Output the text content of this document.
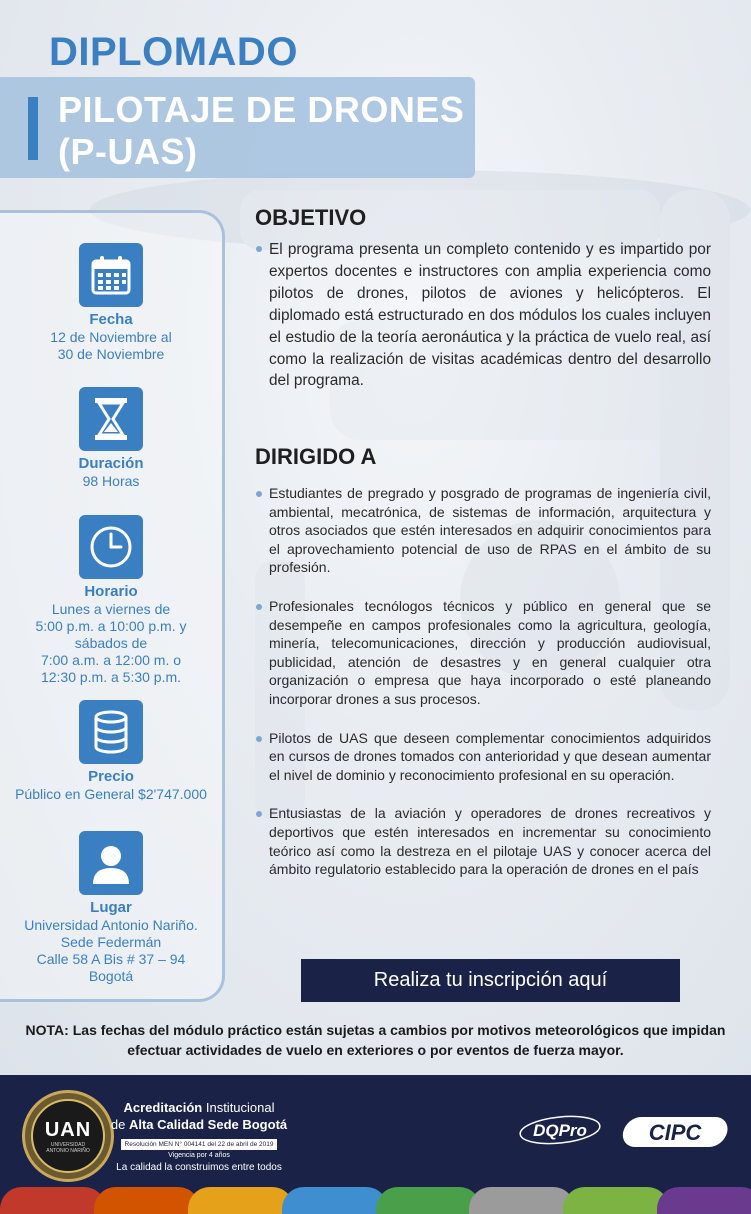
DIPLOMADO
PILOTAJE DE DRONES
(P-UAS)
Fecha
12 de Noviembre al
30 de Noviembre
Duración
98 Horas
Horario
Lunes a viernes de
5:00 p.m. a 10:00 p.m. y
sábados de
7:00 a.m. a 12:00 m. o
12:30 p.m. a 5:30 p.m.
Precio
Público en General $2'747.000
Lugar
Universidad Antonio Nariño.
Sede Federmán
Calle 58 A Bis # 37 – 94
Bogotá
OBJETIVO
El programa presenta un completo contenido y es impartido por expertos docentes e instructores con amplia experiencia como pilotos de drones, pilotos de aviones y helicópteros. El diplomado está estructurado en dos módulos los cuales incluyen el estudio de la teoría aeronáutica y la práctica de vuelo real, así como la realización de visitas académicas dentro del desarrollo del programa.
DIRIGIDO A
Estudiantes de pregrado y posgrado de programas de ingeniería civil, ambiental, mecatrónica, de sistemas de información, arquitectura y otros asociados que estén interesados en adquirir conocimientos para el aprovechamiento potencial de uso de RPAS en el ámbito de su profesión.
Profesionales tecnólogos técnicos y público en general que se desempeñe en campos profesionales como la agricultura, geología, minería, telecomunicaciones, dirección y producción audiovisual, publicidad, atención de desastres y en general cualquier otra organización o empresa que haya incorporado o esté planeando incorporar drones a sus procesos.
Pilotos de UAS que deseen complementar conocimientos adquiridos en cursos de drones tomados con anterioridad y que desean aumentar el nivel de dominio y reconocimiento profesional en su operación.
Entusiastas de la aviación y operadores de drones recreativos y deportivos que estén interesados en incrementar su conocimiento teórico así como la destreza en el pilotaje UAS y conocer acerca del ámbito regulatorio establecido para la operación de drones en el país
Realiza tu inscripción aquí
NOTA: Las fechas del módulo práctico están sujetas a cambios por motivos meteorológicos que impidan efectuar actividades de vuelo en exteriores o por eventos de fuerza mayor.
UAN
UNIVERSIDAD
ANTONIO NARIÑO
Acreditación Institucional
de Alta Calidad Sede Bogotá
Resolución MEN N° 004141 del 22 de abril de 2019
Vigencia por 4 años
La calidad la construimos entre todos
DQPro	CIPC
